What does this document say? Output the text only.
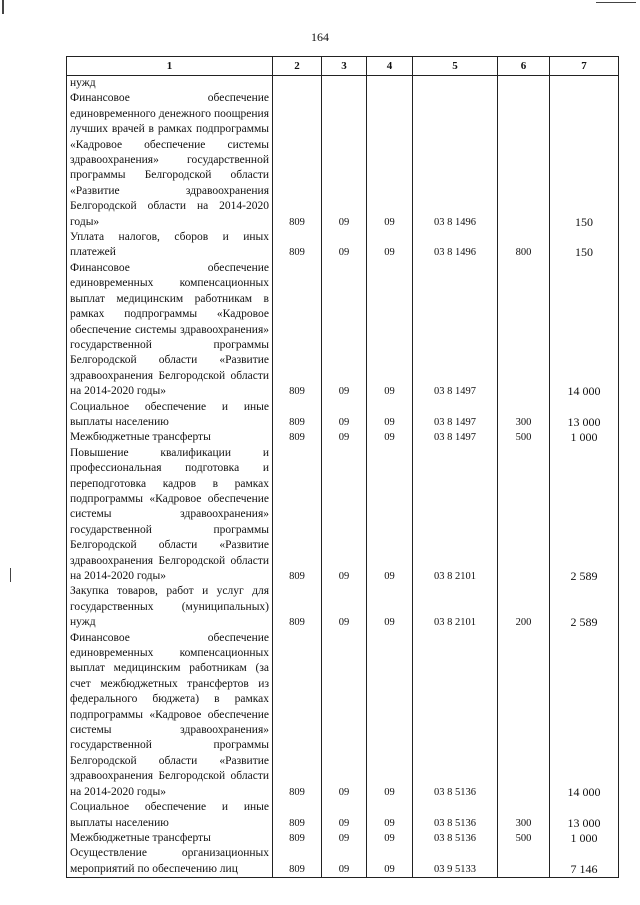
164
1	2	3	4	5	6	7
нужд						
Финансовое обеспечение единовременного денежного поощрения лучших врачей в рамках подпрограммы «Кадровое обеспечение системы здравоохранения» государственной программы Белгородской области «Развитие здравоохранения Белгородской области на 2014-2020 годы»	809	09	09	03 8 1496		150
Уплата налогов, сборов и иных платежей	809	09	09	03 8 1496	800	150
Финансовое обеспечение единовременных компенсационных выплат медицинским работникам в рамках подпрограммы «Кадровое обеспечение системы здравоохранения» государственной программы Белгородской области «Развитие здравоохранения Белгородской области на 2014-2020 годы»	809	09	09	03 8 1497		14 000
Социальное обеспечение и иные выплаты населению	809	09	09	03 8 1497	300	13 000
Межбюджетные трансферты	809	09	09	03 8 1497	500	1 000
Повышение квалификации и профессиональная подготовка и переподготовка кадров в рамках подпрограммы «Кадровое обеспечение системы здравоохранения» государственной программы Белгородской области «Развитие здравоохранения Белгородской области на 2014-2020 годы»	809	09	09	03 8 2101		2 589
Закупка товаров, работ и услуг для государственных (муниципальных) нужд	809	09	09	03 8 2101	200	2 589
Финансовое обеспечение единовременных компенсационных выплат медицинским работникам (за счет межбюджетных трансфертов из федерального бюджета) в рамках подпрограммы «Кадровое обеспечение системы здравоохранения» государственной программы Белгородской области «Развитие здравоохранения Белгородской области на 2014-2020 годы»	809	09	09	03 8 5136		14 000
Социальное обеспечение и иные выплаты населению	809	09	09	03 8 5136	300	13 000
Межбюджетные трансферты	809	09	09	03 8 5136	500	1 000
Осуществление организационных мероприятий по обеспечению лиц	809	09	09	03 9 5133		7 146
